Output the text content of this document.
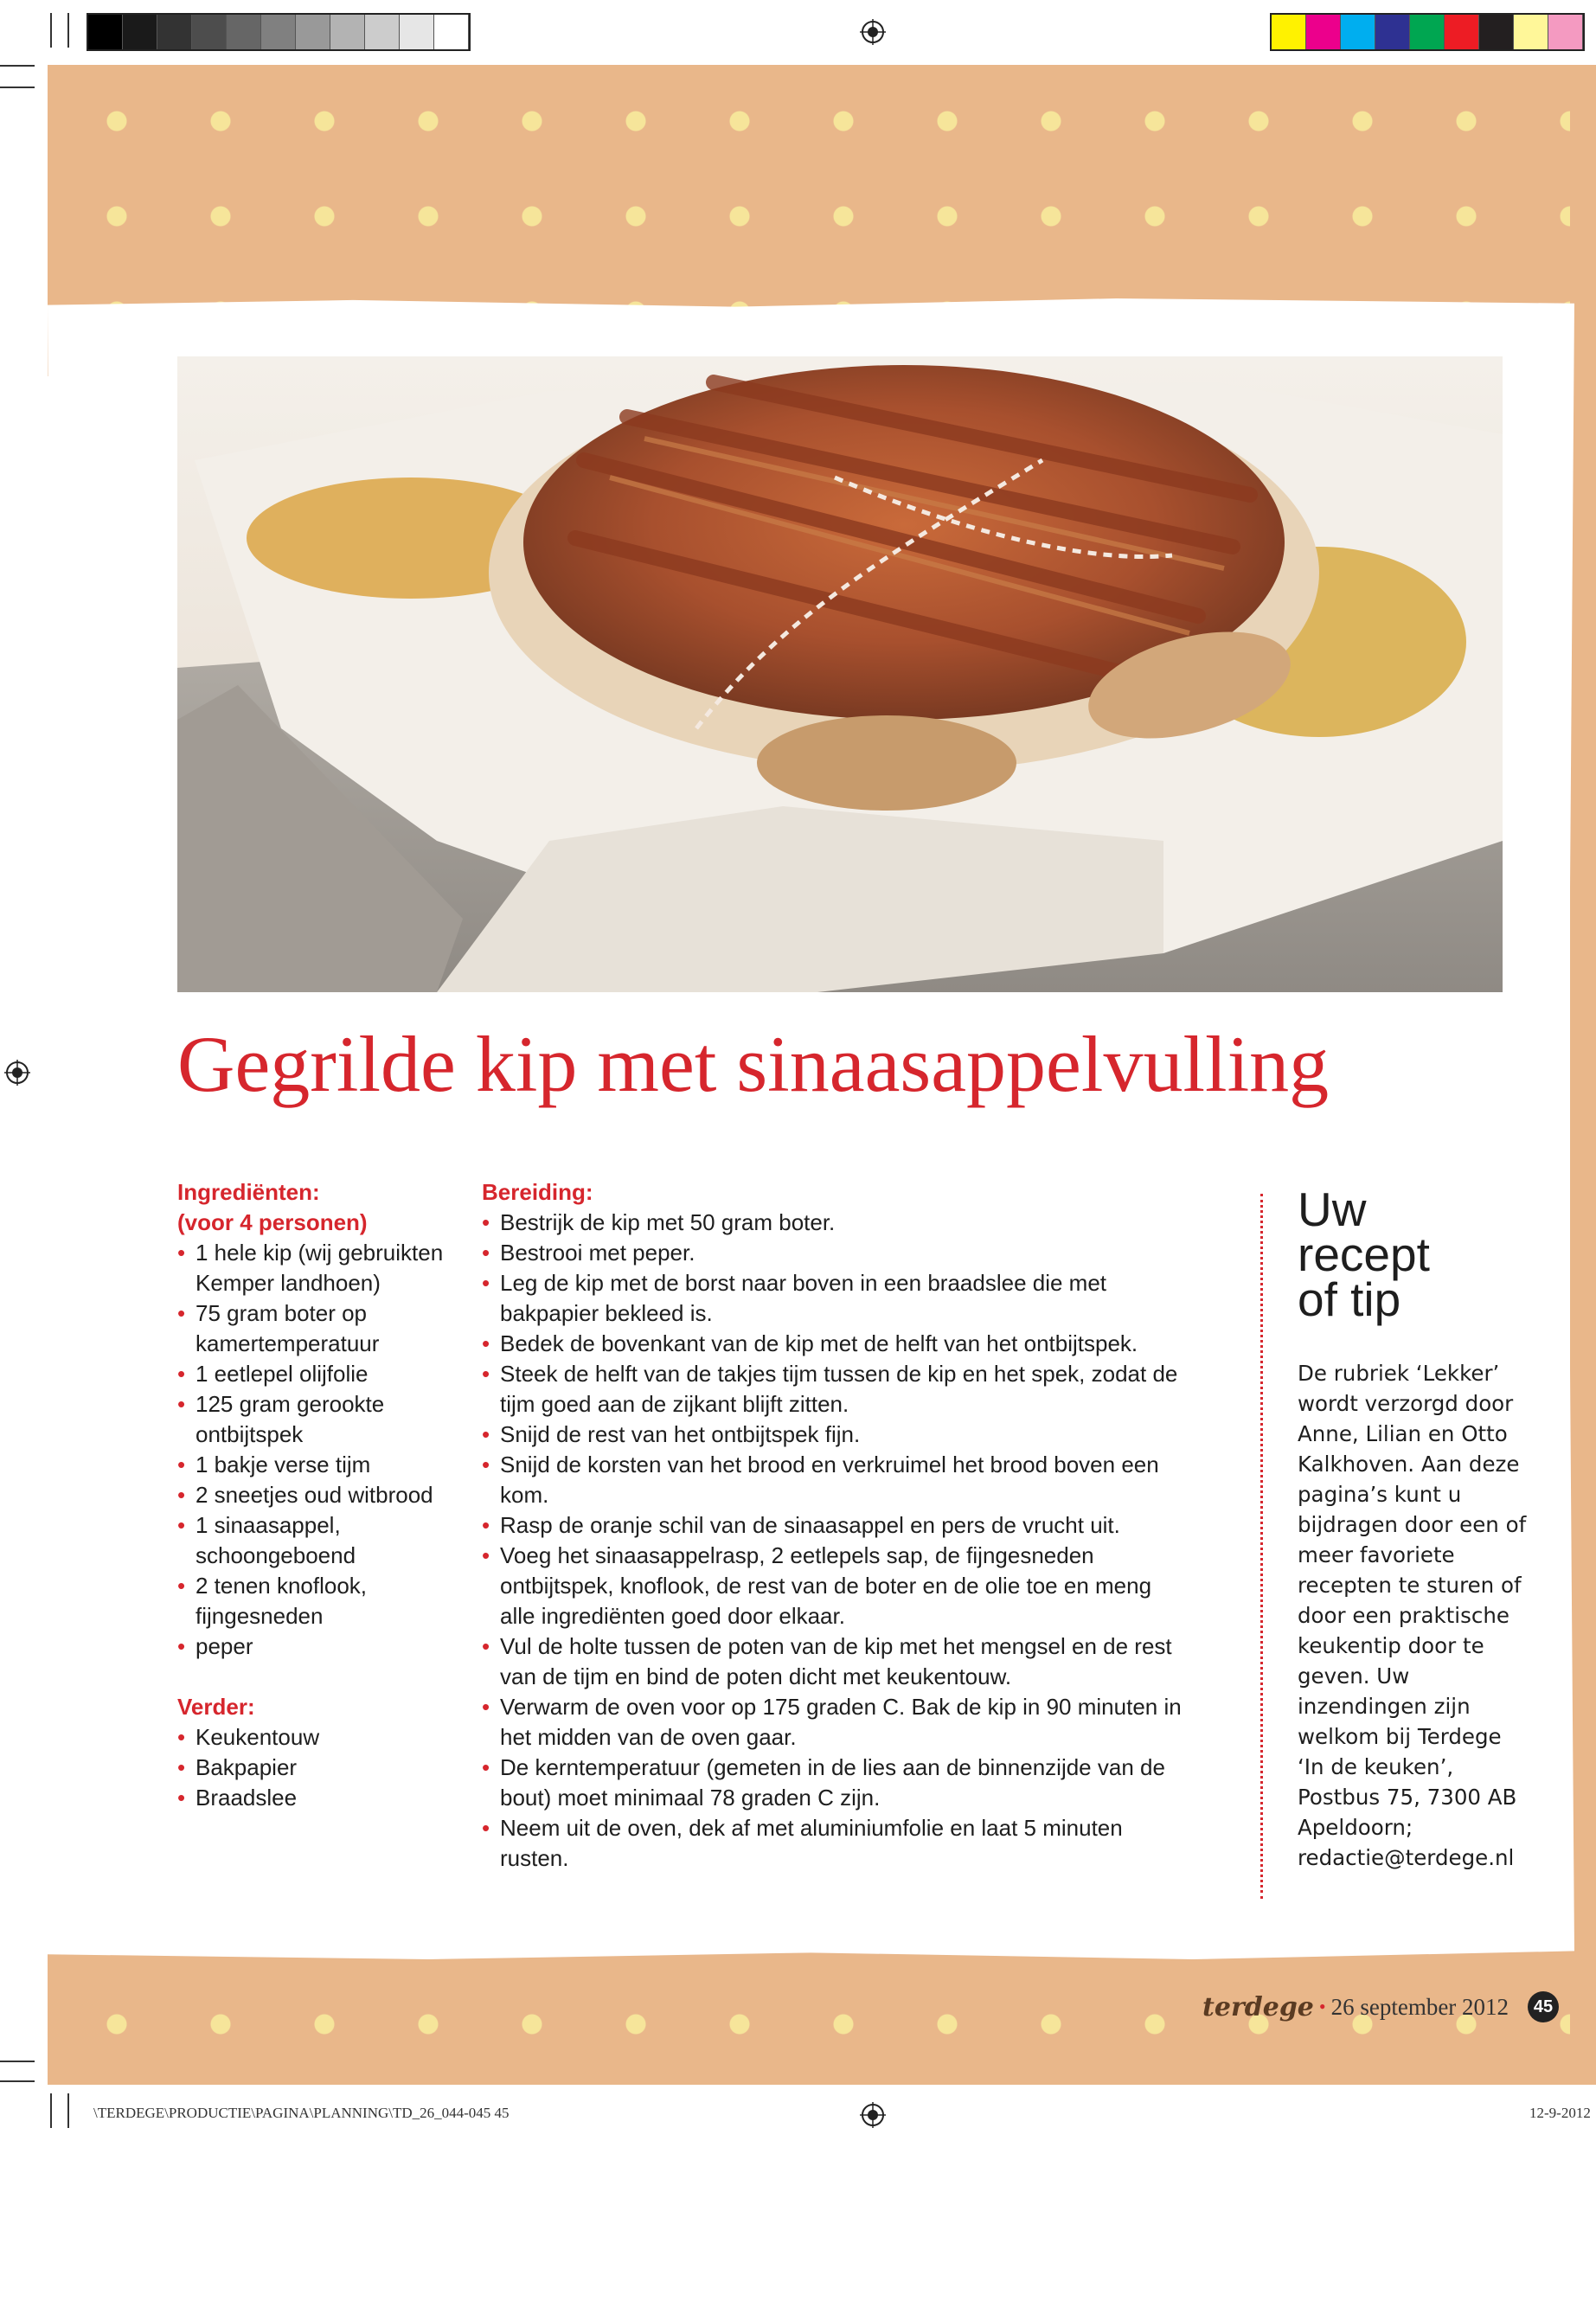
Gegrilde kip met sinaasappelvulling
Ingrediënten:
(voor 4 personen)
• 1 hele kip (wij gebruikten Kemper landhoen)
• 75 gram boter op kamertemperatuur
• 1 eetlepel olijfolie
• 125 gram gerookte ontbijtspek
• 1 bakje verse tijm
• 2 sneetjes oud witbrood
• 1 sinaasappel, schoongeboend
• 2 tenen knoflook, fijngesneden
• peper
Verder:
• Keukentouw
• Bakpapier
• Braadslee
Bereiding:
• Bestrijk de kip met 50 gram boter.
• Bestrooi met peper.
• Leg de kip met de borst naar boven in een braadslee die met bakpapier bekleed is.
• Bedek de bovenkant van de kip met de helft van het ontbijtspek.
• Steek de helft van de takjes tijm tussen de kip en het spek, zodat de tijm goed aan de zijkant blijft zitten.
• Snijd de rest van het ontbijtspek fijn.
• Snijd de korsten van het brood en verkruimel het brood boven een kom.
• Rasp de oranje schil van de sinaasappel en pers de vrucht uit.
• Voeg het sinaasappelrasp, 2 eetlepels sap, de fijngesneden ontbijtspek, knoflook, de rest van de boter en de olie toe en meng alle ingrediënten goed door elkaar.
• Vul de holte tussen de poten van de kip met het mengsel en de rest van de tijm en bind de poten dicht met keukentouw.
• Verwarm de oven voor op 175 graden C. Bak de kip in 90 minuten in het midden van de oven gaar.
• De kerntemperatuur (gemeten in de lies aan de binnenzijde van de bout) moet minimaal 78 graden C zijn.
• Neem uit de oven, dek af met aluminiumfolie en laat 5 minuten rusten.
Uw
recept
of tip
De rubriek ‘Lekker’ wordt verzorgd door Anne, Lilian en Otto Kalkhoven. Aan deze pagina’s kunt u bijdragen door een of meer favoriete recepten te sturen of door een praktische keukentip door te geven. Uw inzendingen zijn welkom bij Terdege ‘In de keuken’, Postbus 75, 7300 AB Apeldoorn; redactie@terdege.nl
terdege • 26 september 2012	45
\TERDEGE\PRODUCTIE\PAGINA\PLANNING\TD_26_044-045 45	12-9-2012
